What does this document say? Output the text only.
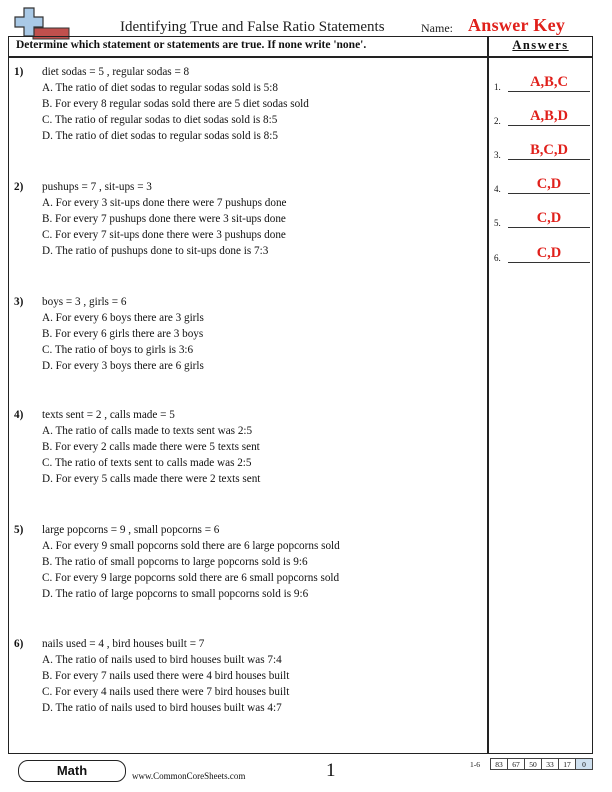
Identifying True and False Ratio Statements	Name: Answer Key
Determine which statement or statements are true. If none write 'none'.	Answers
1)	diet sodas = 5 , regular sodas = 8
A. The ratio of diet sodas to regular sodas sold is 5:8
B. For every 8 regular sodas sold there are 5 diet sodas sold
C. The ratio of regular sodas to diet sodas sold is 8:5
D. The ratio of diet sodas to regular sodas sold is 8:5
2)	pushups = 7 , sit-ups = 3
A. For every 3 sit-ups done there were 7 pushups done
B. For every 7 pushups done there were 3 sit-ups done
C. For every 7 sit-ups done there were 3 pushups done
D. The ratio of pushups done to sit-ups done is 7:3
3)	boys = 3 , girls = 6
A. For every 6 boys there are 3 girls
B. For every 6 girls there are 3 boys
C. The ratio of boys to girls is 3:6
D. For every 3 boys there are 6 girls
4)	texts sent = 2 , calls made = 5
A. The ratio of calls made to texts sent was 2:5
B. For every 2 calls made there were 5 texts sent
C. The ratio of texts sent to calls made was 2:5
D. For every 5 calls made there were 2 texts sent
5)	large popcorns = 9 , small popcorns = 6
A. For every 9 small popcorns sold there are 6 large popcorns sold
B. The ratio of small popcorns to large popcorns sold is 9:6
C. For every 9 large popcorns sold there are 6 small popcorns sold
D. The ratio of large popcorns to small popcorns sold is 9:6
6)	nails used = 4 , bird houses built = 7
A. The ratio of nails used to bird houses built was 7:4
B. For every 7 nails used there were 4 bird houses built
C. For every 4 nails used there were 7 bird houses built
D. The ratio of nails used to bird houses built was 4:7
1.	A,B,C
2.	A,B,D
3.	B,C,D
4.	C,D
5.	C,D
6.	C,D
Math	www.CommonCoreSheets.com	1	1-6 83	67	50	33	17	0
